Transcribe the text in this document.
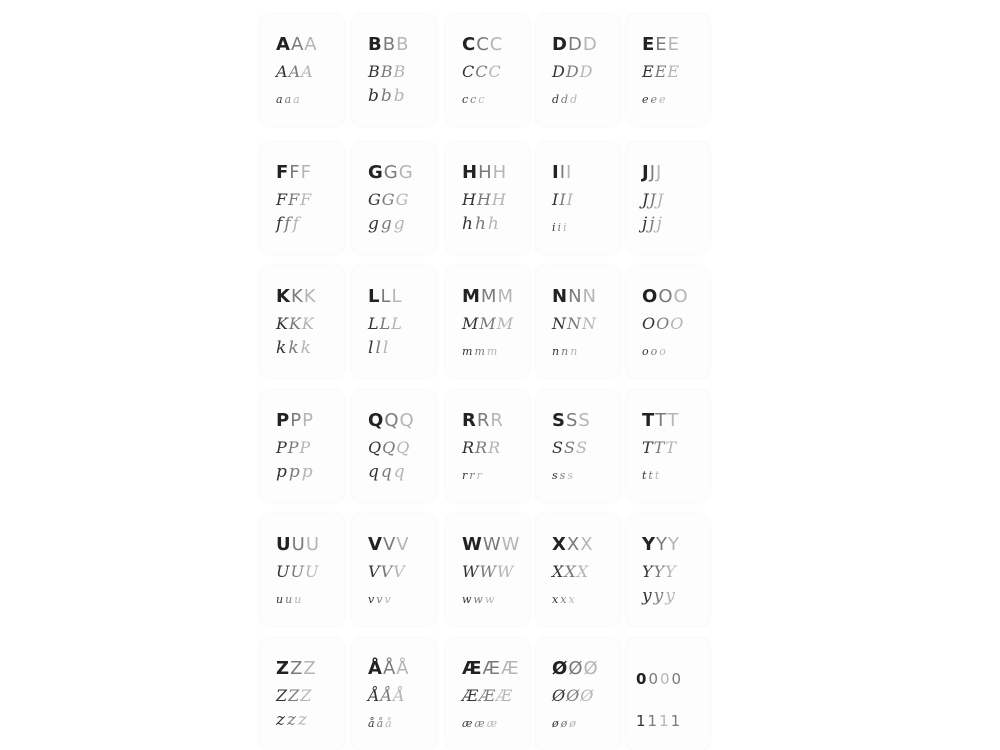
0000
1111
AAA
AAA
aaa
BBB
BBB
bbb
CCC
CCC
ccc
DDD
DDD
ddd
EEE
EEE
eee
FFF
FFF
fff
GGG
GGG
ggg
HHH
HHH
hhh
III
III
iii
JJJ
JJJ
jjj
KKK
KKK
kkk
LLL
LLL
lll
MMM
MMM
mmm
NNN
NNN
nnn
OOO
OOO
ooo
PPP
PPP
ppp
QQQ
QQQ
qqq
RRR
RRR
rrr
SSS
SSS
sss
TTT
TTT
ttt
UUU
UUU
uuu
VVV
VVV
vvv
WWW
WWW
www
XXX
XXX
xxx
YYY
YYY
yyy
ZZZ
ZZZ
zzz
ÅÅÅ
ÅÅÅ
ååå
ÆÆÆ
ÆÆÆ
æææ
ØØØ
ØØØ
øøø
